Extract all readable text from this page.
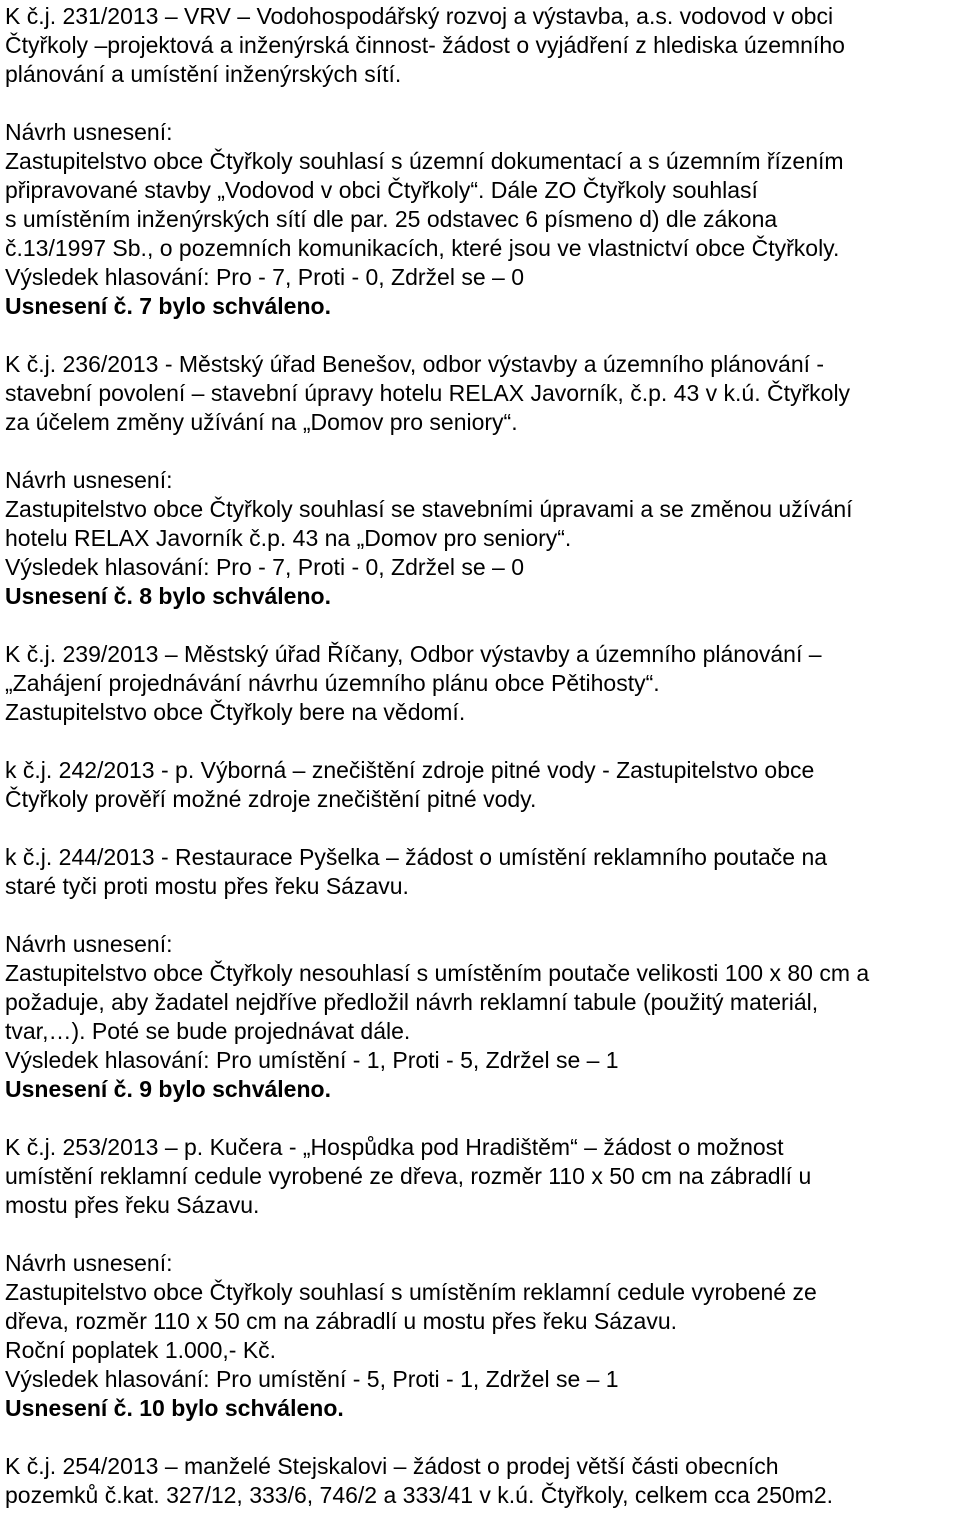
K č.j. 231/2013 – VRV – Vodohospodářský rozvoj a výstavba, a.s. vodovod v obci
Čtyřkoly –projektová a inženýrská činnost- žádost o vyjádření z hlediska územního
plánování a umístění inženýrských sítí.
Návrh usnesení:
Zastupitelstvo obce Čtyřkoly souhlasí s územní dokumentací a s územním řízením
připravované stavby „Vodovod v obci Čtyřkoly“. Dále ZO Čtyřkoly souhlasí
s umístěním inženýrských sítí dle par. 25 odstavec 6 písmeno d) dle zákona
č.13/1997 Sb., o pozemních komunikacích, které jsou ve vlastnictví obce Čtyřkoly.
Výsledek hlasování: Pro - 7, Proti - 0, Zdržel se – 0
Usnesení č. 7 bylo schváleno.
K č.j. 236/2013 - Městský úřad Benešov, odbor výstavby a územního plánování -
stavební povolení – stavební úpravy hotelu RELAX Javorník, č.p. 43 v k.ú. Čtyřkoly
za účelem změny užívání na „Domov pro seniory“.
Návrh usnesení:
Zastupitelstvo obce Čtyřkoly souhlasí se stavebními úpravami a se změnou užívání
hotelu RELAX Javorník č.p. 43 na „Domov pro seniory“.
Výsledek hlasování: Pro - 7, Proti - 0, Zdržel se – 0
Usnesení č. 8 bylo schváleno.
K č.j. 239/2013 – Městský úřad Říčany, Odbor výstavby a územního plánování –
„Zahájení projednávání návrhu územního plánu obce Pětihosty“.
Zastupitelstvo obce Čtyřkoly bere na vědomí.
k č.j. 242/2013 - p. Výborná – znečištění zdroje pitné vody - Zastupitelstvo obce
Čtyřkoly prověří možné zdroje znečištění pitné vody.
k č.j. 244/2013 - Restaurace Pyšelka – žádost o umístění reklamního poutače na
staré tyči proti mostu přes řeku Sázavu.
Návrh usnesení:
Zastupitelstvo obce Čtyřkoly nesouhlasí s umístěním poutače velikosti 100 x 80 cm a
požaduje, aby žadatel nejdříve předložil návrh reklamní tabule (použitý materiál,
tvar,…). Poté se bude projednávat dále.
Výsledek hlasování: Pro umístění - 1, Proti - 5, Zdržel se – 1
Usnesení č. 9 bylo schváleno.
K č.j. 253/2013 – p. Kučera - „Hospůdka pod Hradištěm“ – žádost o možnost
umístění reklamní cedule vyrobené ze dřeva, rozměr 110 x 50 cm na zábradlí u
mostu přes řeku Sázavu.
Návrh usnesení:
Zastupitelstvo obce Čtyřkoly souhlasí s umístěním reklamní cedule vyrobené ze
dřeva, rozměr 110 x 50 cm na zábradlí u mostu přes řeku Sázavu.
Roční poplatek 1.000,- Kč.
Výsledek hlasování: Pro umístění - 5, Proti - 1, Zdržel se – 1
Usnesení č. 10 bylo schváleno.
K č.j. 254/2013 – manželé Stejskalovi – žádost o prodej větší části obecních
pozemků č.kat. 327/12, 333/6, 746/2 a 333/41 v k.ú. Čtyřkoly, celkem cca 250m2.
